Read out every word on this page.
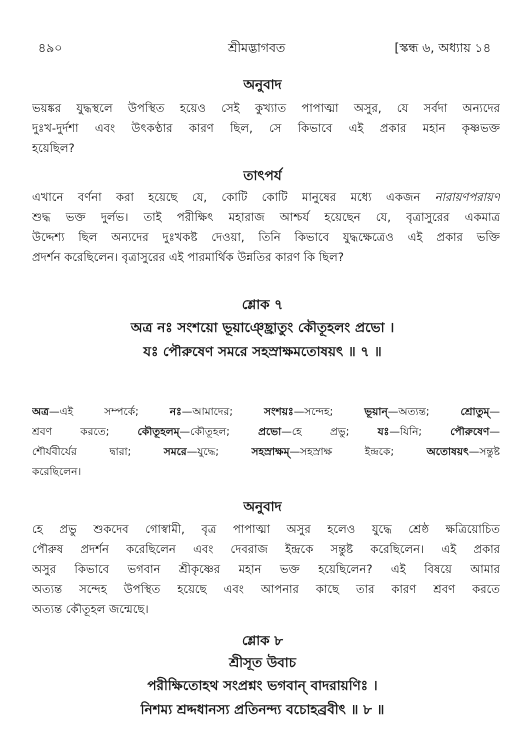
৪৯০	শ্রীমদ্ভাগবত	[স্কন্ধ ৬, অধ্যায় ১৪
অনুবাদ

ভয়ঙ্কর যুদ্ধস্থলে উপস্থিত হয়েও সেই কুখ্যাত পাপাত্মা অসুর, যে সর্বদা অন্যদের

দুঃখ-দুর্দশা এবং উৎকণ্ঠার কারণ ছিল, সে কিভাবে এই প্রকার মহান কৃষ্ণভক্ত

হয়েছিল?

তাৎপর্য

এখানে বর্ণনা করা হয়েছে যে, কোটি কোটি মানুষের মধ্যে একজন নারায়ণপরায়ণ

শুদ্ধ ভক্ত দুর্লভ। তাই পরীক্ষিৎ মহারাজ আশ্চর্য হয়েছেন যে, বৃত্রাসুরের একমাত্র

উদ্দেশ্য ছিল অন্যদের দুঃখকষ্ট দেওয়া, তিনি কিভাবে যুদ্ধক্ষেত্রেও এই প্রকার ভক্তি

প্রদর্শন করেছিলেন। বৃত্রাসুরের এই পারমার্থিক উন্নতির কারণ কি ছিল?

শ্লোক ৭

অত্র নঃ সংশয়ো ভূয়াঞ্ছ্রোতুং কৌতূহলং প্রভো ।

যঃ পৌরুষেণ সমরে সহস্রাক্ষমতোষয়ৎ ॥ ৭ ॥

অত্র—এই সম্পর্কে; নঃ—আমাদের; সংশয়ঃ—সন্দেহ; ভূয়ান্—অত্যন্ত; শ্রোতুম্—

শ্রবণ করতে; কৌতূহলম্—কৌতূহল; প্রভো—হে প্রভু; যঃ—যিনি; পৌরুষেণ—

শৌর্যবীর্যের দ্বারা; সমরে—যুদ্ধে; সহস্রাক্ষম্—সহস্রাক্ষ ইন্দ্রকে; অতোষয়ৎ—সন্তুষ্ট

করেছিলেন।

অনুবাদ

হে প্রভু শুকদেব গোস্বামী, বৃত্র পাপাত্মা অসুর হলেও যুদ্ধে শ্রেষ্ঠ ক্ষত্রিয়োচিত

পৌরুষ প্রদর্শন করেছিলেন এবং দেবরাজ ইন্দ্রকে সন্তুষ্ট করেছিলেন। এই প্রকার

অসুর কিভাবে ভগবান শ্রীকৃষ্ণের মহান ভক্ত হয়েছিলেন? এই বিষয়ে আমার

অত্যন্ত সন্দেহ উপস্থিত হয়েছে এবং আপনার কাছে তার কারণ শ্রবণ করতে

অত্যন্ত কৌতূহল জন্মেছে।

শ্লোক ৮
শ্রীসূত উবাচ

পরীক্ষিতোহথ সংপ্রশ্নং ভগবান্ বাদরায়ণিঃ ।

নিশম্য শ্রদ্দধানস্য প্রতিনন্দ্য বচোহব্রবীৎ ॥ ৮ ॥
